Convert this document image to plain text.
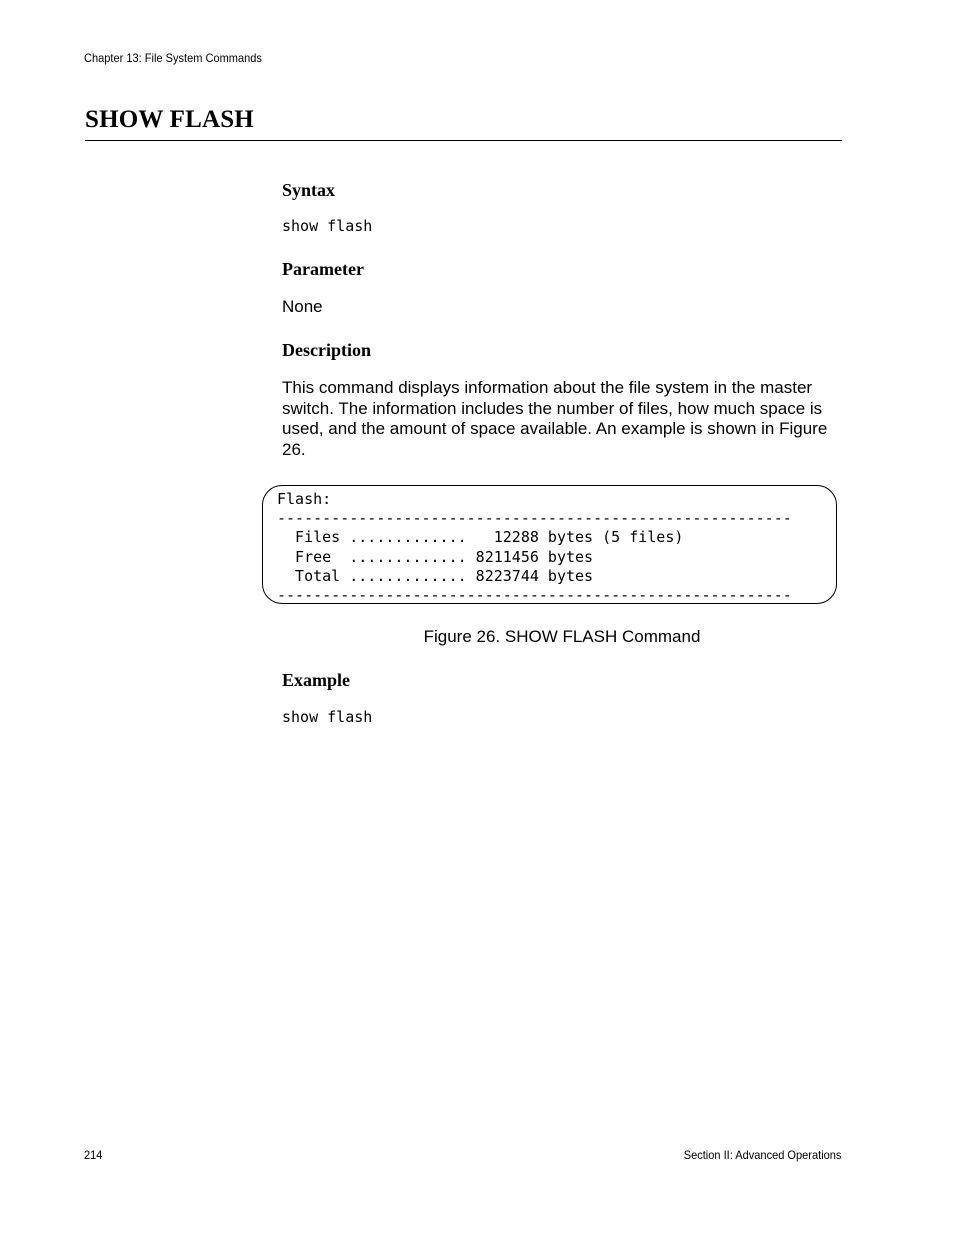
Chapter 13: File System Commands
SHOW FLASH
Syntax
show flash
Parameter
None
Description
This command displays information about the file system in the master switch. The information includes the number of files, how much space is used, and the amount of space available. An example is shown in Figure 26.
Flash:
---------------------------------------------------------
Files .............   12288 bytes (5 files)
Free  ............. 8211456 bytes
Total ............. 8223744 bytes
---------------------------------------------------------
Figure 26. SHOW FLASH Command
Example
show flash
214	Section II: Advanced Operations
